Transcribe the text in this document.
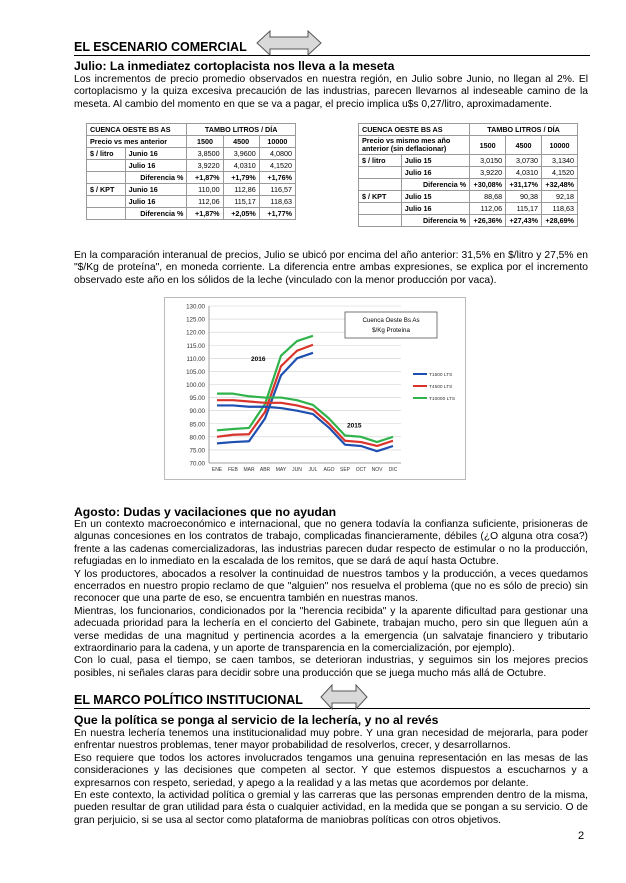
EL ESCENARIO COMERCIAL
Julio: La inmediatez cortoplacista nos lleva a la meseta

Los incrementos de precio promedio observados en nuestra región, en Julio sobre Junio, no llegan al 2%. El cortoplacismo y la quiza excesiva precaución de las industrias, parecen llevarnos al indeseable camino de la meseta. Al cambio del momento en que se va a pagar, el precio implica u$s 0,27/litro, aproximadamente.

CUENCA OESTE BS AS		TAMBO LITROS / DÍA		
Precio vs mes anterior		1500	4500	10000
$ / litro	Junio 16	3,8500	3,9600	4,0800
	Julio 16	3,9220	4,0310	4,1520
	Diferencia %	+1,87%	+1,79%	+1,76%
$ / KPT	Junio 16	110,00	112,86	116,57
	Julio 16	112,06	115,17	118,63
	Diferencia %	+1,87%	+2,05%	+1,77%
CUENCA OESTE BS AS		TAMBO LITROS / DÍA		
Precio vs mismo mes año anterior (sin deflacionar)		1500	4500	10000
$ / litro	Julio 15	3,0150	3,0730	3,1340
	Julio 16	3,9220	4,0310	4,1520
	Diferencia %	+30,08%	+31,17%	+32,48%
$ / KPT	Julio 15	88,68	90,38	92,18
	Julio 16	112,06	115,17	118,63
	Diferencia %	+26,36%	+27,43%	+28,69%

En la comparación interanual de precios, Julio se ubicó por encima del año anterior: 31,5% en $/litro y 27,5% en "$/Kg de proteína", en moneda corriente. La diferencia entre ambas expresiones, se explica por el incremento observado este año en los sólidos de la leche (vinculado con la menor producción por vaca).

70.00
75.00
80.00
85.00
90.00
95.00
100.00
105.00
110.00
115.00
120.00
125.00
130.00
ENE FEB MAR ABR MAY JUN JUL AGO SEP OCT NOV DIC
2016
2015
Cuenca Oeste Bs As
$/Kg Proteína
T1500 LTS
T4500 LTS
T10000 LTS
Agosto: Dudas y vacilaciones que no ayudan

En un contexto macroeconómico e internacional, que no genera todavía la confianza suficiente, prisioneras de algunas concesiones en los contratos de trabajo, complicadas financieramente, débiles (¿O alguna otra cosa?) frente a las cadenas comercializadoras, las industrias parecen dudar respecto de estimular o no la producción, refugiadas en lo inmediato en la escalada de los remitos, que se dará de aquí hasta Octubre.

Y los productores, abocados a resolver la continuidad de nuestros tambos y la producción, a veces quedamos encerrados en nuestro propio reclamo de que "alguien" nos resuelva el problema (que no es sólo de precio) sin reconocer que una parte de eso, se encuentra también en nuestras manos.

Mientras, los funcionarios, condicionados por la "herencia recibida" y la aparente dificultad para gestionar una adecuada prioridad para la lechería en el concierto del Gabinete, trabajan mucho, pero sin que lleguen aún a verse medidas de una magnitud y pertinencia acordes a la emergencia (un salvataje financiero y tributario extraordinario para la cadena, y un aporte de transparencia en la comercialización, por ejemplo).

Con lo cual, pasa el tiempo, se caen tambos, se deterioran industrias, y seguimos sin los mejores precios posibles, ni señales claras para decidir sobre una producción que se juega mucho más allá de Octubre.

EL MARCO POLÍTICO INSTITUCIONAL
Que la política se ponga al servicio de la lechería, y no al revés

En nuestra lechería tenemos una institucionalidad muy pobre. Y una gran necesidad de mejorarla, para poder enfrentar nuestros problemas, tener mayor probabilidad de resolverlos, crecer, y desarrollarnos.

Eso requiere que todos los actores involucrados tengamos una genuina representación en las mesas de las consideraciones y las decisiones que competen al sector. Y que estemos dispuestos a escucharnos y a expresarnos con respeto, seriedad, y apego a la realidad y a las metas que acordemos por delante.

En este contexto, la actividad política o gremial y las carreras que las personas emprenden dentro de la misma, pueden resultar de gran utilidad para ésta o cualquier actividad, en la medida que se pongan a su servicio. O de gran perjuicio, si se usa al sector como plataforma de maniobras políticas con otros objetivos.

2
